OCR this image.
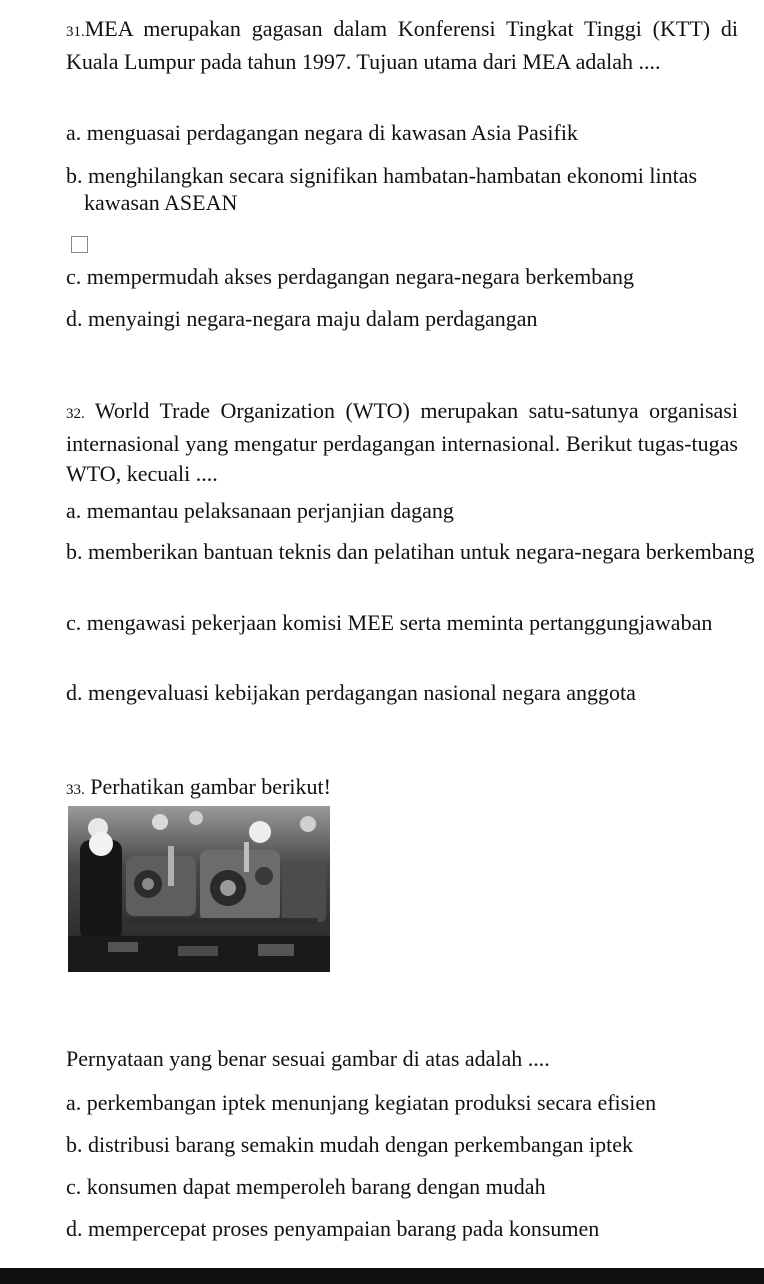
31.MEA merupakan gagasan dalam Konferensi Tingkat Tinggi (KTT) di Kuala Lumpur pada tahun 1997. Tujuan utama dari MEA adalah ....

a. menguasai perdagangan negara di kawasan Asia Pasifik

b. menghilangkan secara signifikan hambatan-hambatan ekonomi lintas kawasan ASEAN

c. mempermudah akses perdagangan negara-negara berkembang

d. menyaingi negara-negara maju dalam perdagangan

32. World Trade Organization (WTO) merupakan satu-satunya organisasi internasional yang mengatur perdagangan internasional. Berikut tugas-tugas WTO, kecuali ....

a. memantau pelaksanaan perjanjian dagang

b. memberikan bantuan teknis dan pelatihan untuk negara-negara berkembang

c. mengawasi pekerjaan komisi MEE serta meminta pertanggungjawaban

d. mengevaluasi kebijakan perdagangan nasional negara anggota

33. Perhatikan gambar berikut!

Pernyataan yang benar sesuai gambar di atas adalah ....

a. perkembangan iptek menunjang kegiatan produksi secara efisien

b. distribusi barang semakin mudah dengan perkembangan iptek

c. konsumen dapat memperoleh barang dengan mudah

d. mempercepat proses penyampaian barang pada konsumen
